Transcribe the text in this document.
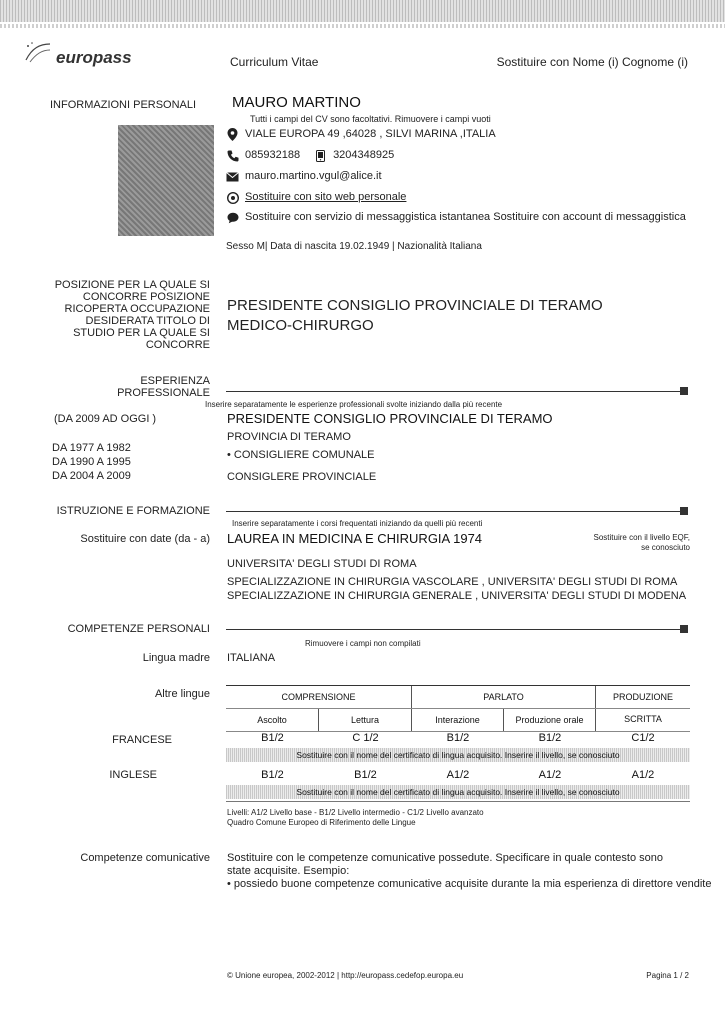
europass	Curriculum Vitae	Sostituire con Nome (i) Cognome (i)
INFORMAZIONI PERSONALI MAURO MARTINO
Tutti i campi del CV sono facoltativi. Rimuovere i campi vuoti
VIALE EUROPA 49 ,64028 , SILVI MARINA ,ITALIA
085932188	3204348925
mauro.martino.vgul@alice.it
Sostituire con sito web personale
Sostituire con servizio di messaggistica istantanea Sostituire con account di messaggistica
Sesso M| Data di nascita 19.02.1949 | Nazionalità Italiana
POSIZIONE PER LA QUALE SI CONCORRE POSIZIONE RICOPERTA OCCUPAZIONE DESIDERATA TITOLO DI STUDIO PER LA QUALE SI CONCORRE
PRESIDENTE CONSIGLIO PROVINCIALE DI TERAMO
MEDICO-CHIRURGO
ESPERIENZA PROFESSIONALE
Inserire separatamente le esperienze professionali svolte iniziando dalla più recente
(DA 2009 AD OGGI )	PRESIDENTE CONSIGLIO PROVINCIALE DI TERAMO
PROVINCIA DI TERAMO
DA 1977 A 1982
DA 1990 A 1995
DA 2004 A 2009
• CONSIGLIERE COMUNALE
CONSIGLERE PROVINCIALE
ISTRUZIONE E FORMAZIONE
Inserire separatamente i corsi frequentati iniziando da quelli più recenti
Sostituire con date (da - a) LAUREA IN MEDICINA E CHIRURGIA 1974	Sostituire con il livello EQF, se conosciuto
UNIVERSITA' DEGLI STUDI DI ROMA
SPECIALIZZAZIONE IN CHIRURGIA VASCOLARE , UNIVERSITA' DEGLI STUDI DI ROMA
SPECIALIZZAZIONE IN CHIRURGIA GENERALE , UNIVERSITA' DEGLI STUDI DI MODENA
COMPETENZE PERSONALI
Rimuovere i campi non compilati
Lingua madre ITALIANA
Altre lingue	COMPRENSIONE	PARLATO	PRODUZIONE SCRITTA
Ascolto	Lettura	Interazione	Produzione orale
FRANCESE	B1/2	C 1/2	B1/2	B1/2	C1/2
Sostituire con il nome del certificato di lingua acquisito. Inserire il livello, se conosciuto
INGLESE	B1/2	B1/2	A1/2	A1/2	A1/2
Sostituire con il nome del certificato di lingua acquisito. Inserire il livello, se conosciuto
Livelli: A1/2 Livello base - B1/2 Livello intermedio - C1/2 Livello avanzato
Quadro Comune Europeo di Riferimento delle Lingue
Competenze comunicative Sostituire con le competenze comunicative possedute. Specificare in quale contesto sono state acquisite. Esempio:
• possiedo buone competenze comunicative acquisite durante la mia esperienza di direttore vendite
© Unione europea, 2002-2012 | http://europass.cedefop.europa.eu	Pagina 1 / 2
